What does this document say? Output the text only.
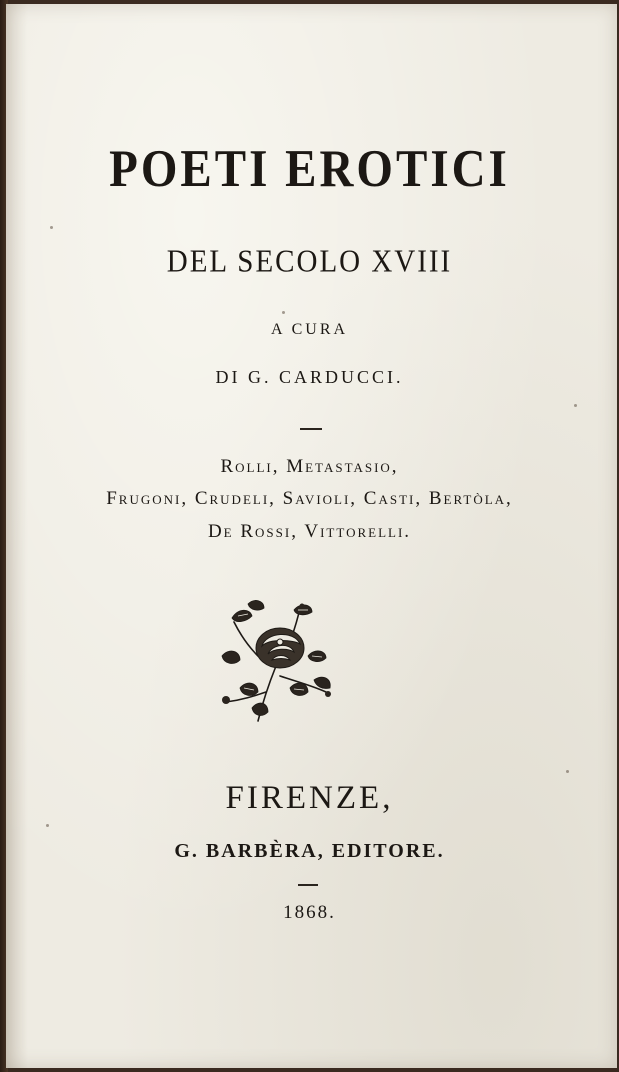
POETI EROTICI
DEL SECOLO XVIII
A CURA
DI G. CARDUCCI.
Rolli, Metastasio,
Frugoni, Crudeli, Savioli, Casti, Bertòla,
De Rossi, Vittorelli.
FIRENZE,
G. BARBÈRA, EDITORE.
1868.
